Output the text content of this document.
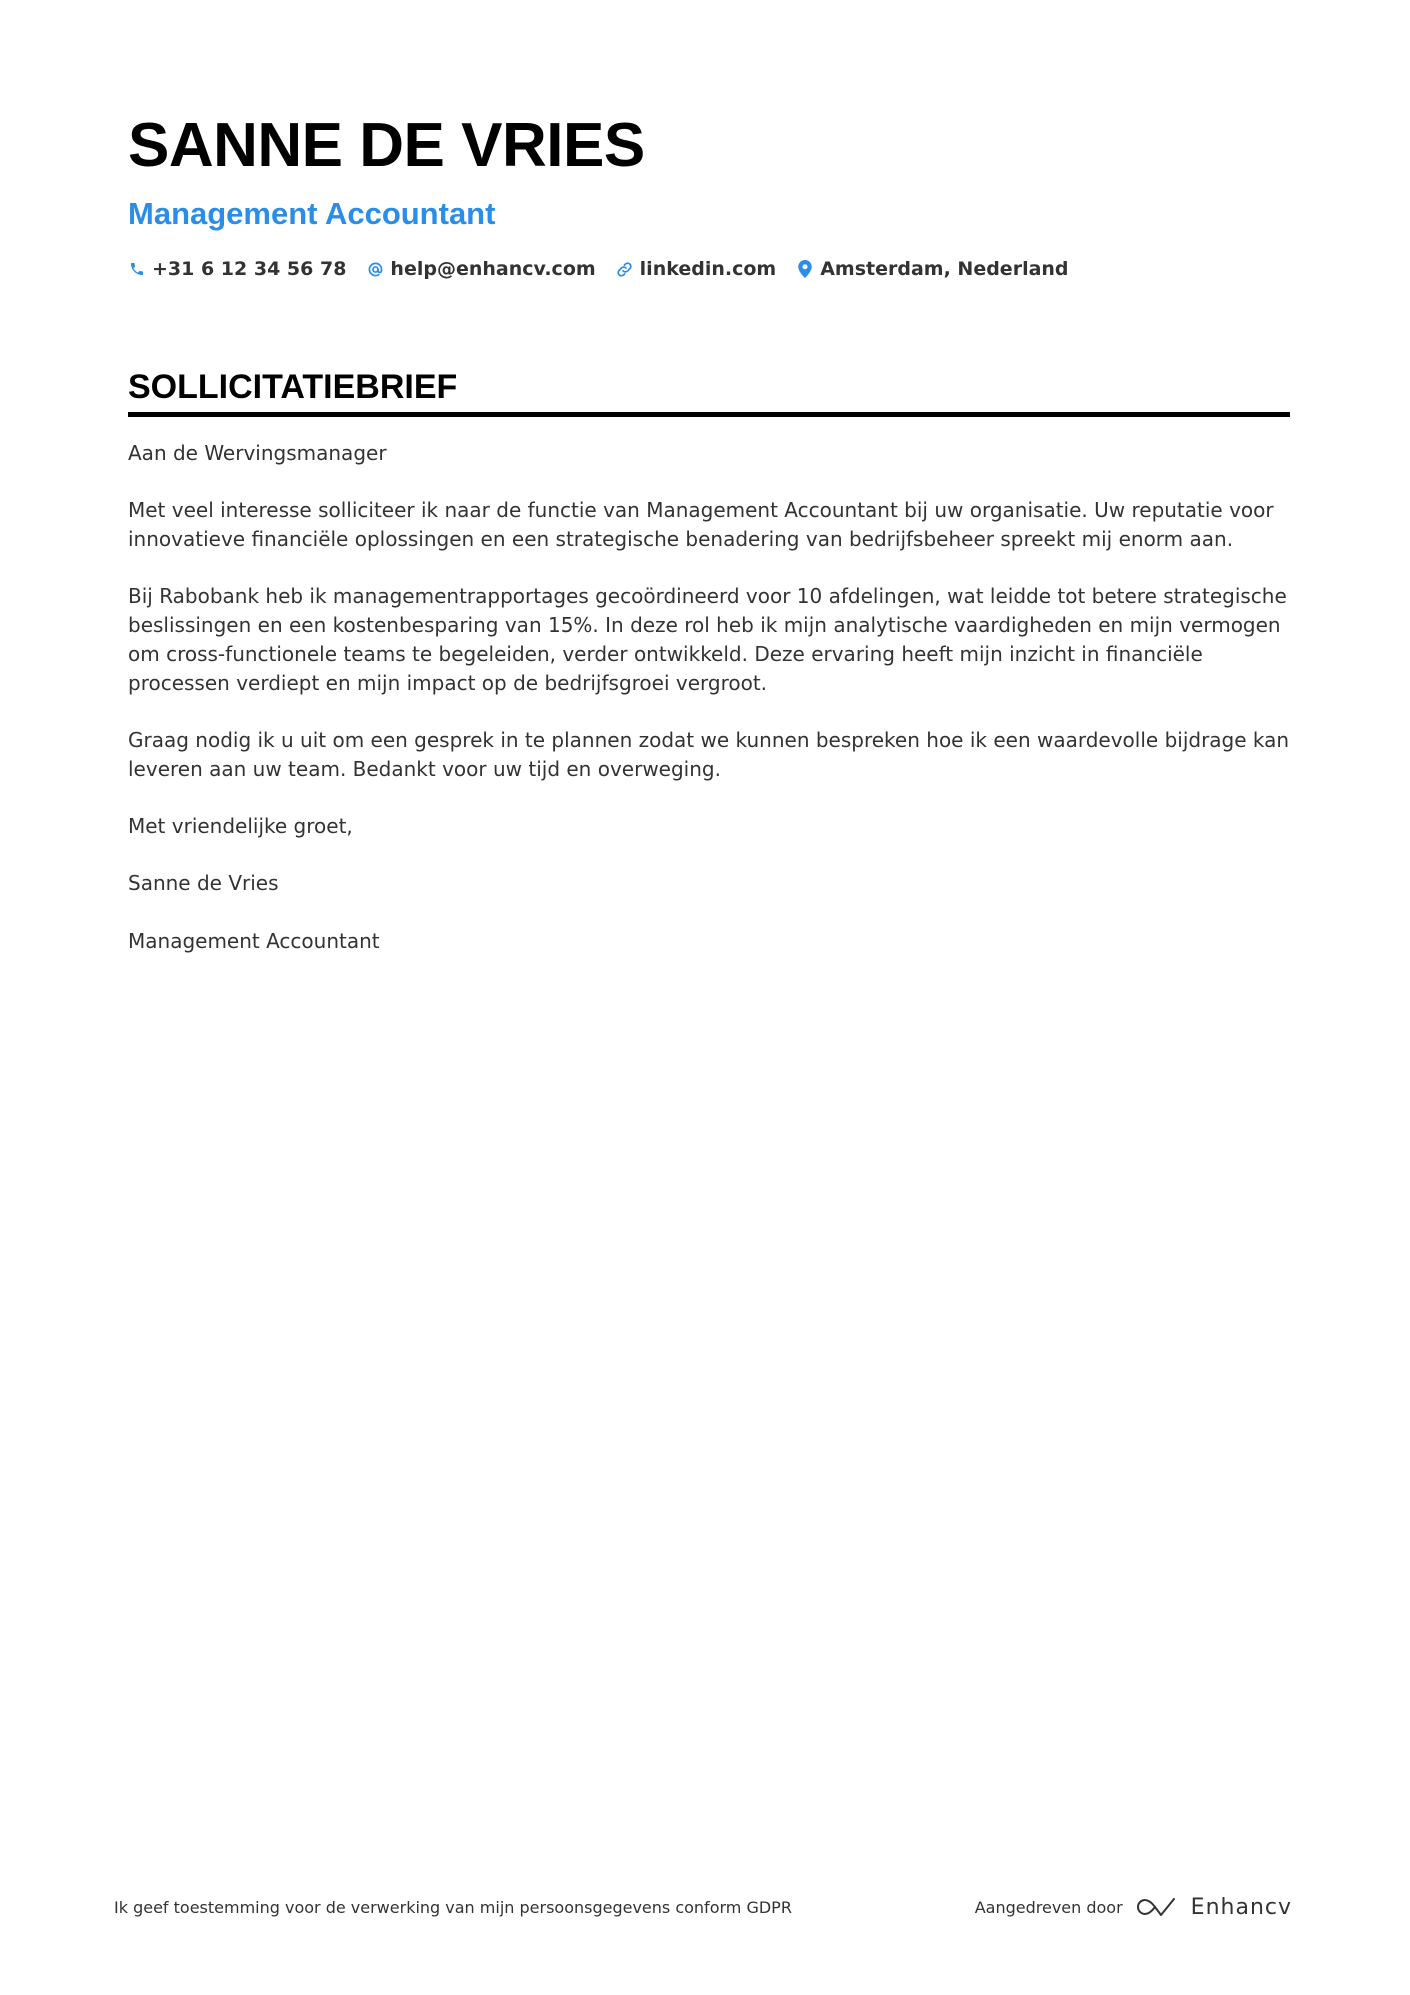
SANNE DE VRIES
Management Accountant
+31 6 12 34 56 78 help@enhancv.com linkedin.com Amsterdam, Nederland
SOLLICITATIEBRIEF

Aan de Wervingsmanager

Met veel interesse solliciteer ik naar de functie van Management Accountant bij uw organisatie. Uw reputatie voor innovatieve financiële oplossingen en een strategische benadering van bedrijfsbeheer spreekt mij enorm aan.

Bij Rabobank heb ik managementrapportages gecoördineerd voor 10 afdelingen, wat leidde tot betere strategische beslissingen en een kostenbesparing van 15%. In deze rol heb ik mijn analytische vaardigheden en mijn vermogen om cross-functionele teams te begeleiden, verder ontwikkeld. Deze ervaring heeft mijn inzicht in financiële processen verdiept en mijn impact op de bedrijfsgroei vergroot.

Graag nodig ik u uit om een gesprek in te plannen zodat we kunnen bespreken hoe ik een waardevolle bijdrage kan leveren aan uw team. Bedankt voor uw tijd en overweging.

Met vriendelijke groet,

Sanne de Vries

Management Accountant

Ik geef toestemming voor de verwerking van mijn persoonsgegevens conform GDPR	Aangedreven door	Enhancv
